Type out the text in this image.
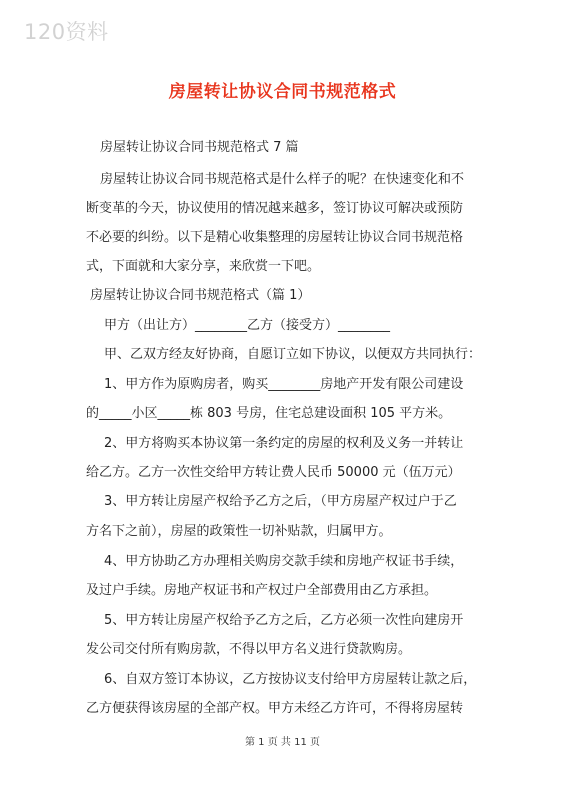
120资料
房屋转让协议合同书规范格式
房屋转让协议合同书规范格式 7 篇
房屋转让协议合同书规范格式是什么样子的呢？在快速变化和不
断变革的今天，协议使用的情况越来越多，签订协议可解决或预防
不必要的纠纷。以下是精心收集整理的房屋转让协议合同书规范格
式，下面就和大家分享，来欣赏一下吧。
房屋转让协议合同书规范格式（篇 1）
甲方（出让方）________乙方（接受方）________
甲、乙双方经友好协商，自愿订立如下协议，以便双方共同执行：
1、甲方作为原购房者，购买________房地产开发有限公司建设
的_____小区_____栋 803 号房，住宅总建设面积 105 平方米。
2、甲方将购买本协议第一条约定的房屋的权利及义务一并转让
给乙方。乙方一次性交给甲方转让费人民币 50000 元（伍万元）
3、甲方转让房屋产权给予乙方之后，（甲方房屋产权过户于乙
方名下之前），房屋的政策性一切补贴款，归属甲方。
4、甲方协助乙方办理相关购房交款手续和房地产权证书手续，
及过户手续。房地产权证书和产权过户全部费用由乙方承担。
5、甲方转让房屋产权给予乙方之后，乙方必须一次性向建房开
发公司交付所有购房款，不得以甲方名义进行贷款购房。
6、自双方签订本协议，乙方按协议支付给甲方房屋转让款之后，
乙方便获得该房屋的全部产权。甲方未经乙方许可，不得将房屋转
第 1 页 共 11 页
